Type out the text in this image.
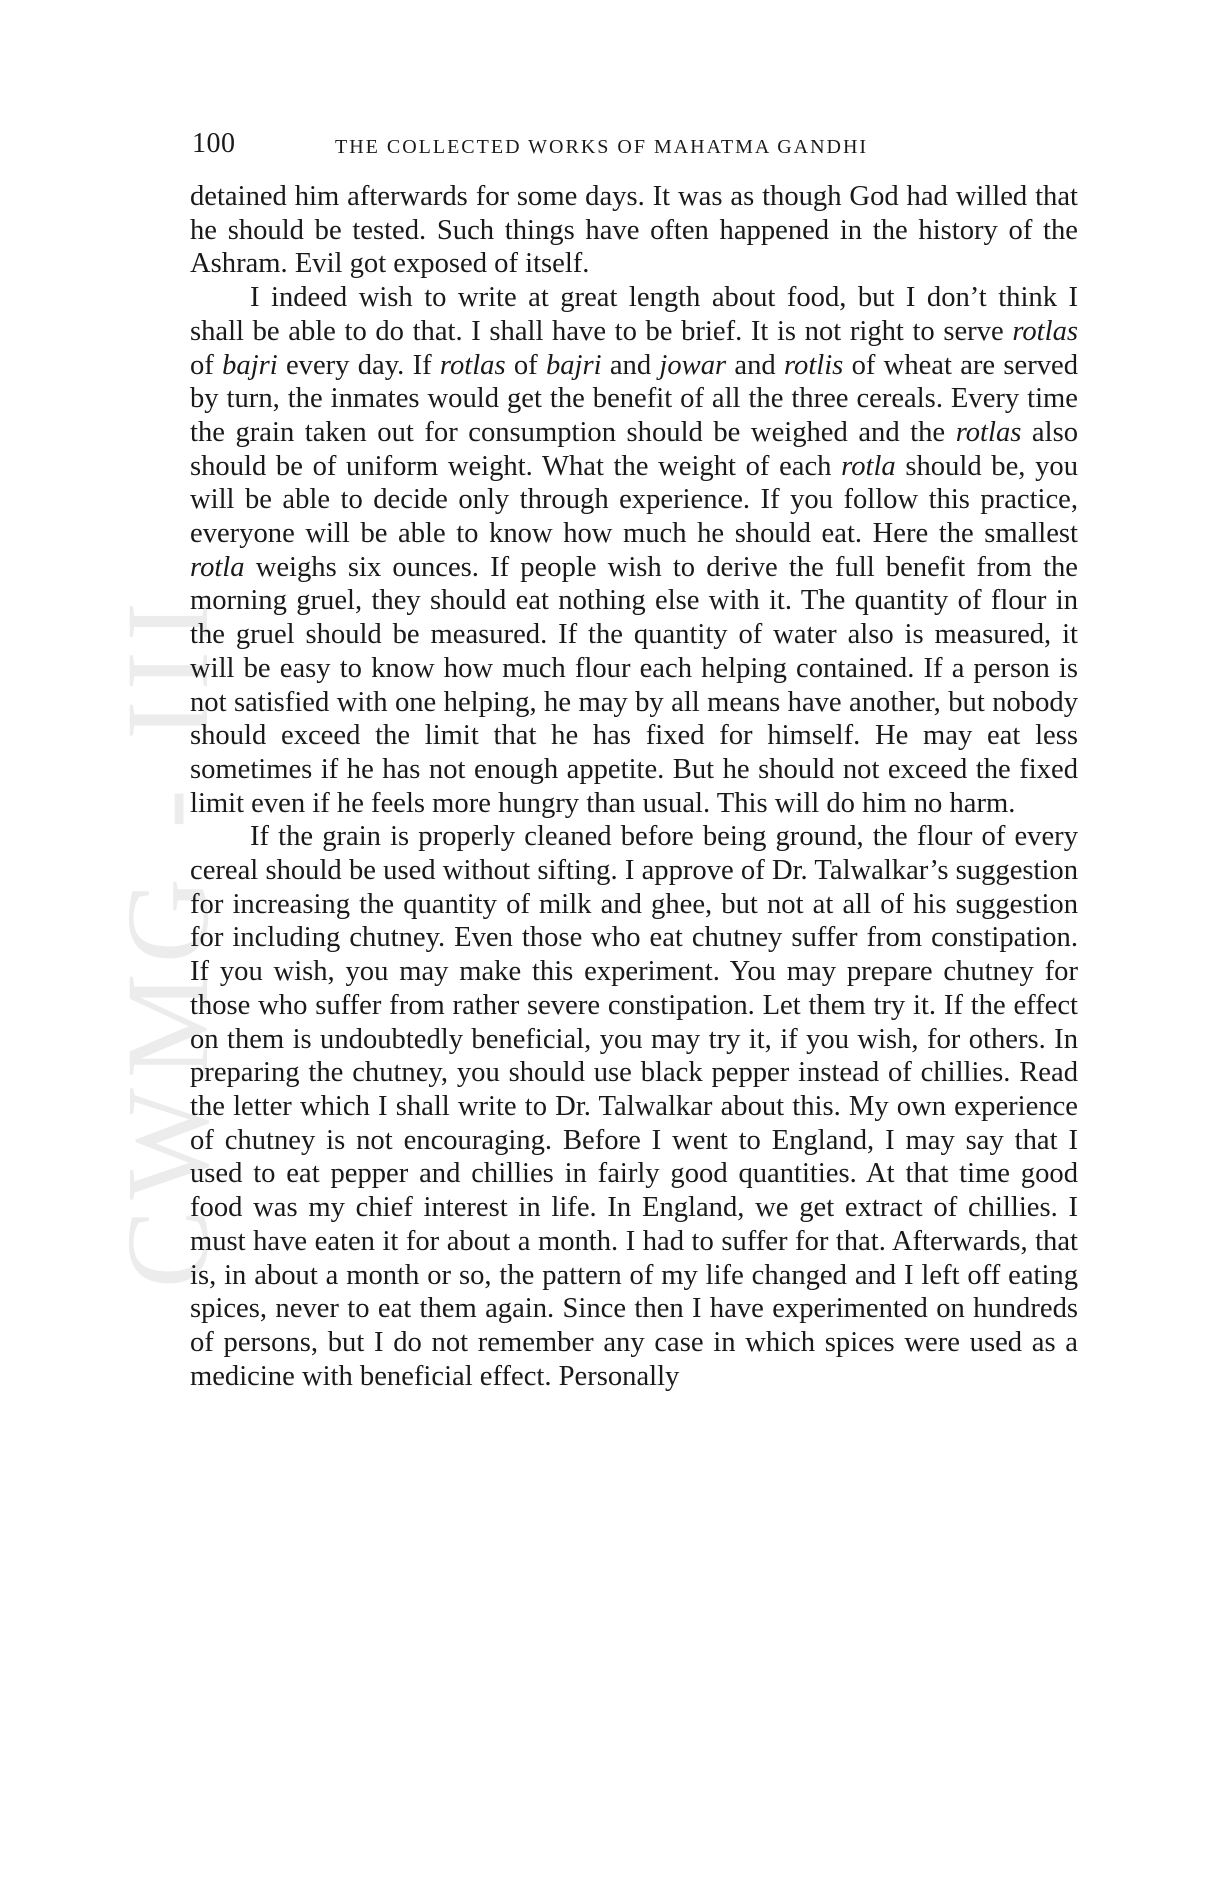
100	THE COLLECTED WORKS OF MAHATMA GANDHI
CWMG - III

detained him afterwards for some days. It was as though God had willed that he should be tested. Such things have often happened in the history of the Ashram. Evil got exposed of itself.

I indeed wish to write at great length about food, but I don’t think I shall be able to do that. I shall have to be brief. It is not right to serve rotlas of bajri every day. If rotlas of bajri and jowar and rotlis of wheat are served by turn, the inmates would get the benefit of all the three cereals. Every time the grain taken out for consumption should be weighed and the rotlas also should be of uniform weight. What the weight of each rotla should be, you will be able to decide only through experience. If you follow this practice, everyone will be able to know how much he should eat. Here the smallest rotla weighs six ounces. If people wish to derive the full benefit from the morning gruel, they should eat nothing else with it. The quantity of flour in the gruel should be measured. If the quantity of water also is measured, it will be easy to know how much flour each helping contained. If a person is not satisfied with one helping, he may by all means have another, but nobody should exceed the limit that he has fixed for himself. He may eat less sometimes if he has not enough appetite. But he should not exceed the fixed limit even if he feels more hungry than usual. This will do him no harm.

If the grain is properly cleaned before being ground, the flour of every cereal should be used without sifting. I approve of Dr. Talwalkar’s suggestion for increasing the quantity of milk and ghee, but not at all of his suggestion for including chutney. Even those who eat chutney suffer from constipation. If you wish, you may make this experiment. You may prepare chutney for those who suffer from rather severe constipation. Let them try it. If the effect on them is undoubtedly beneficial, you may try it, if you wish, for others. In preparing the chutney, you should use black pepper instead of chillies. Read the letter which I shall write to Dr. Talwalkar about this. My own experience of chutney is not encouraging. Before I went to England, I may say that I used to eat pepper and chillies in fairly good quantities. At that time good food was my chief interest in life. In England, we get extract of chillies. I must have eaten it for about a month. I had to suffer for that. Afterwards, that is, in about a month or so, the pattern of my life changed and I left off eating spices, never to eat them again. Since then I have experimented on hundreds of persons, but I do not remember any case in which spices were used as a medicine with beneficial effect. Personally
